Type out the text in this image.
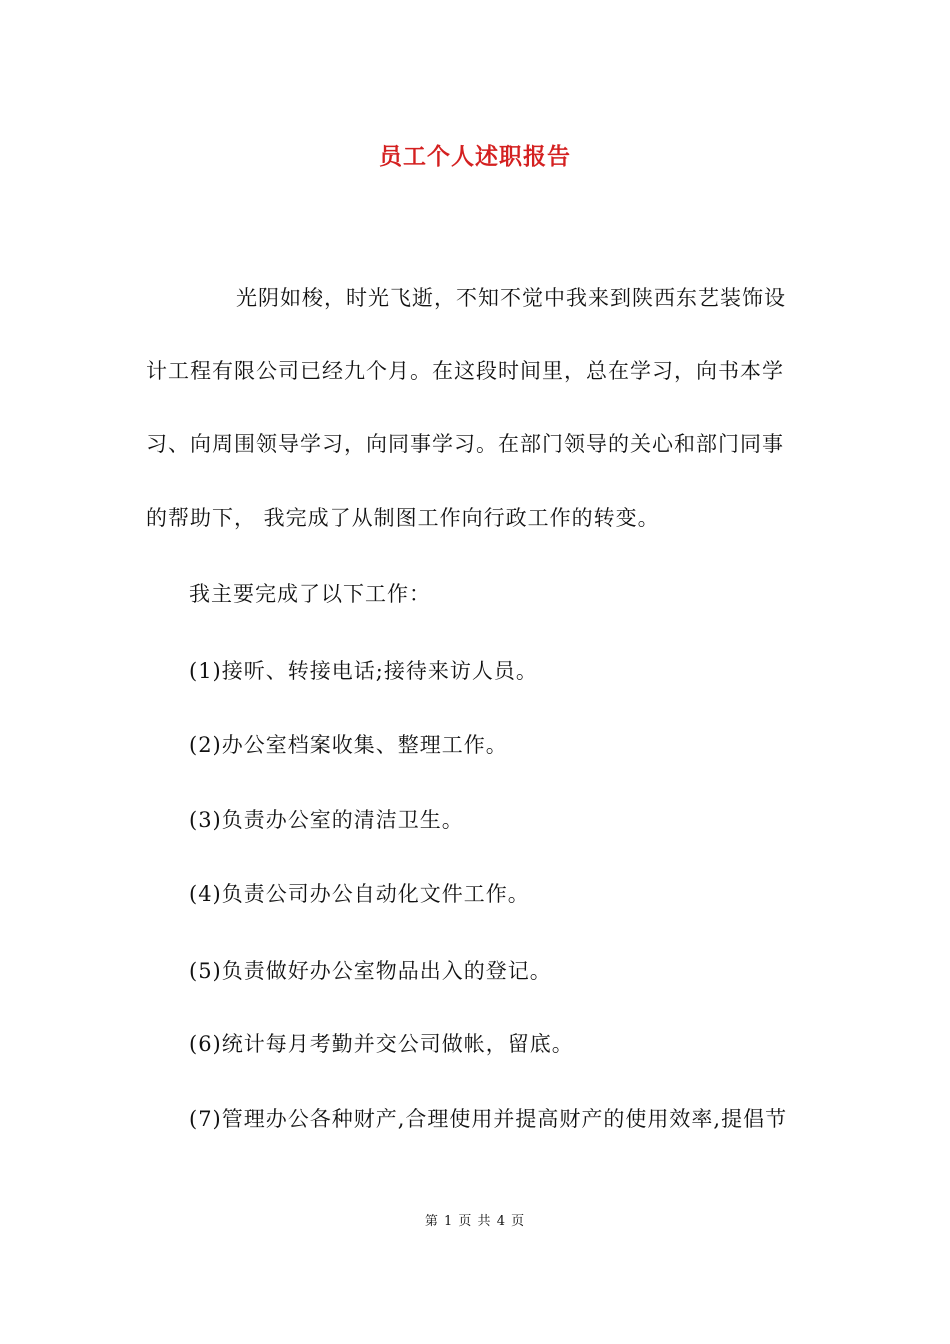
员工个人述职报告
光阴如梭，时光飞逝，不知不觉中我来到陕西东艺装饰设
计工程有限公司已经九个月。在这段时间里，总在学习，向书本学
习、向周围领导学习，向同事学习。在部门领导的关心和部门同事
的帮助下， 我完成了从制图工作向行政工作的转变。
我主要完成了以下工作：
(1)接听、转接电话;接待来访人员。
(2)办公室档案收集、整理工作。
(3)负责办公室的清洁卫生。
(4)负责公司办公自动化文件工作。
(5)负责做好办公室物品出入的登记。
(6)统计每月考勤并交公司做帐，留底。
(7)管理办公各种财产,合理使用并提高财产的使用效率,提倡节
第 1 页 共 4 页
